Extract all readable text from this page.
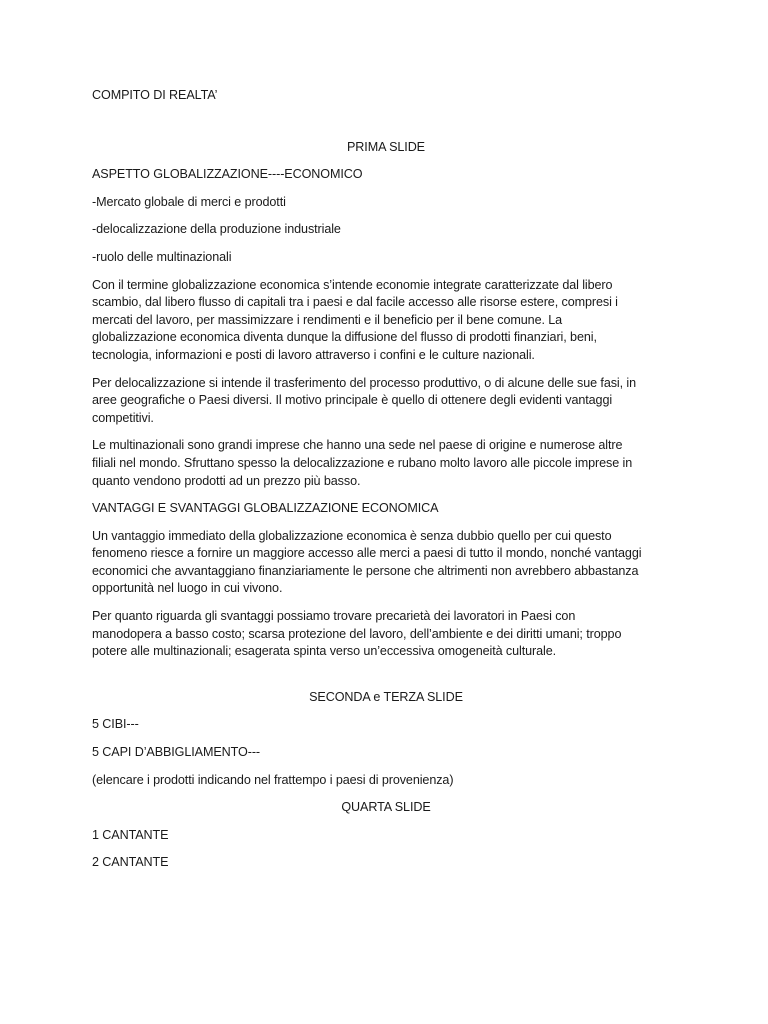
COMPITO DI REALTA’

PRIMA SLIDE

ASPETTO GLOBALIZZAZIONE----ECONOMICO

-Mercato globale di merci e prodotti

-delocalizzazione della produzione industriale

-ruolo delle multinazionali

Con il termine globalizzazione economica s’intende economie integrate caratterizzate dal libero
scambio, dal libero flusso di capitali tra i paesi e dal facile accesso alle risorse estere, compresi i
mercati del lavoro, per massimizzare i rendimenti e il beneficio per il bene comune. La
globalizzazione economica diventa dunque la diffusione del flusso di prodotti finanziari, beni,
tecnologia, informazioni e posti di lavoro attraverso i confini e le culture nazionali.

Per delocalizzazione si intende il trasferimento del processo produttivo, o di alcune delle sue fasi, in
aree geografiche o Paesi diversi. Il motivo principale è quello di ottenere degli evidenti vantaggi
competitivi.

Le multinazionali sono grandi imprese che hanno una sede nel paese di origine e numerose altre
filiali nel mondo. Sfruttano spesso la delocalizzazione e rubano molto lavoro alle piccole imprese in
quanto vendono prodotti ad un prezzo più basso.

VANTAGGI E SVANTAGGI GLOBALIZZAZIONE ECONOMICA

Un vantaggio immediato della globalizzazione economica è senza dubbio quello per cui questo
fenomeno riesce a fornire un maggiore accesso alle merci a paesi di tutto il mondo, nonché vantaggi
economici che avvantaggiano finanziariamente le persone che altrimenti non avrebbero abbastanza
opportunità nel luogo in cui vivono.

Per quanto riguarda gli svantaggi possiamo trovare precarietà dei lavoratori in Paesi con
manodopera a basso costo; scarsa protezione del lavoro, dell’ambiente e dei diritti umani; troppo
potere alle multinazionali; esagerata spinta verso un’eccessiva omogeneità culturale.

SECONDA e TERZA SLIDE

5 CIBI---

5 CAPI D’ABBIGLIAMENTO---

(elencare i prodotti indicando nel frattempo i paesi di provenienza)

QUARTA SLIDE

1 CANTANTE

2 CANTANTE
